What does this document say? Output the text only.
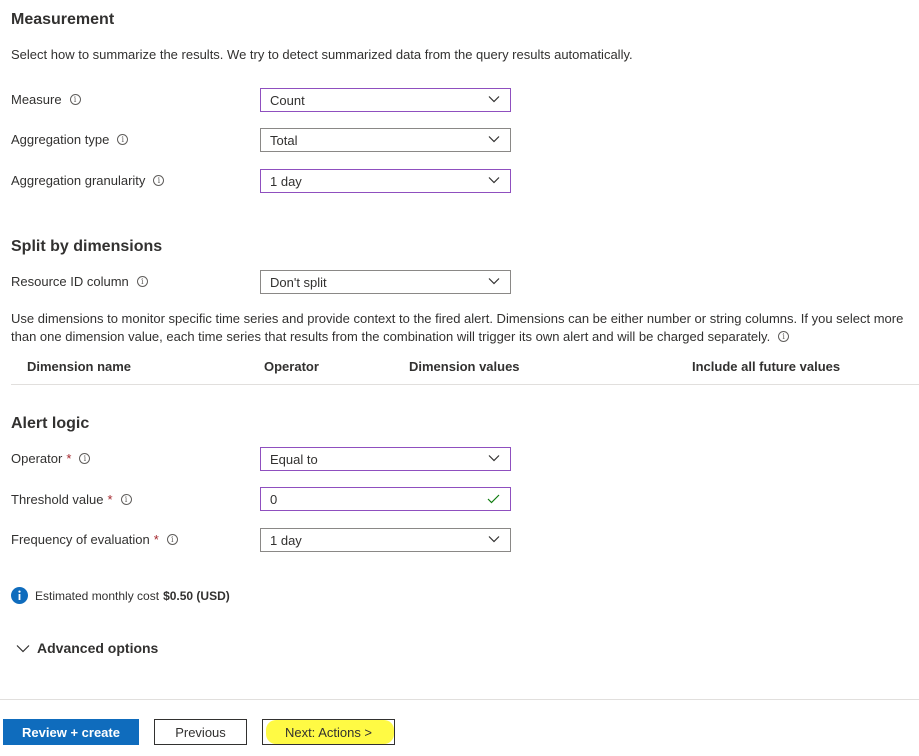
Measurement
Select how to summarize the results. We try to detect summarized data from the query results automatically.
Measure	i	Count
Aggregation type	i	Total
Aggregation granularity	i	1 day
Split by dimensions
Resource ID column	i	Don't split
Use dimensions to monitor specific time series and provide context to the fired alert. Dimensions can be either number or string columns. If you select more
than one dimension value, each time series that results from the combination will trigger its own alert and will be charged separately.	i
Dimension name	Operator	Dimension values	Include all future values
Alert logic
Operator *	i	Equal to
Threshold value *	i	0
Frequency of evaluation *	i	1 day
Estimated monthly cost $0.50 (USD)
Advanced options
Review + create	Previous	Next: Actions >
